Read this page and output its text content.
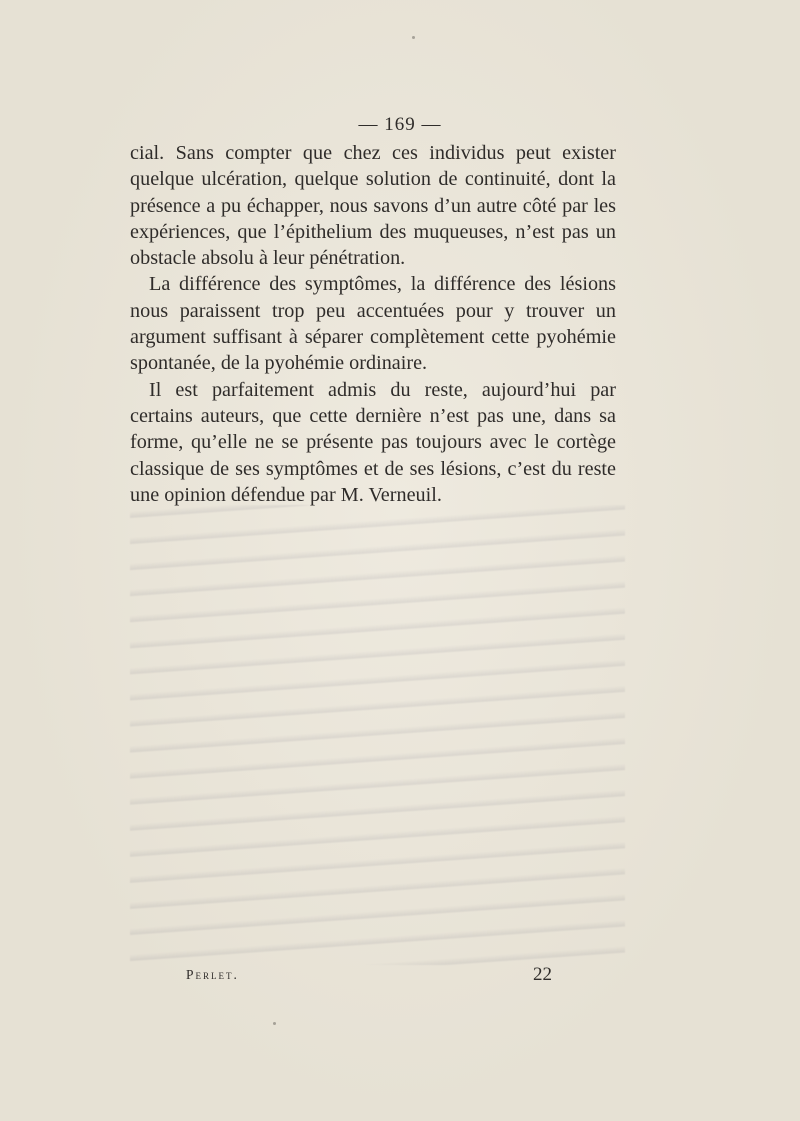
— 169 —

cial. Sans compter que chez ces individus peut exister quelque ulcération, quelque solution de continuité, dont la présence a pu échapper, nous savons d’un autre côté par les expériences, que l’épithelium des muqueuses, n’est pas un obstacle absolu à leur pénétration.

La différence des symptômes, la différence des lésions nous paraissent trop peu accentuées pour y trouver un argument suffisant à séparer complètement cette pyohémie spontanée, de la pyohémie ordinaire.

Il est parfaitement admis du reste, aujourd’hui par certains auteurs, que cette dernière n’est pas une, dans sa forme, qu’elle ne se présente pas toujours avec le cortège classique de ses symptômes et de ses lésions, c’est du reste une opinion défendue par M. Verneuil.

Perlet.	22
